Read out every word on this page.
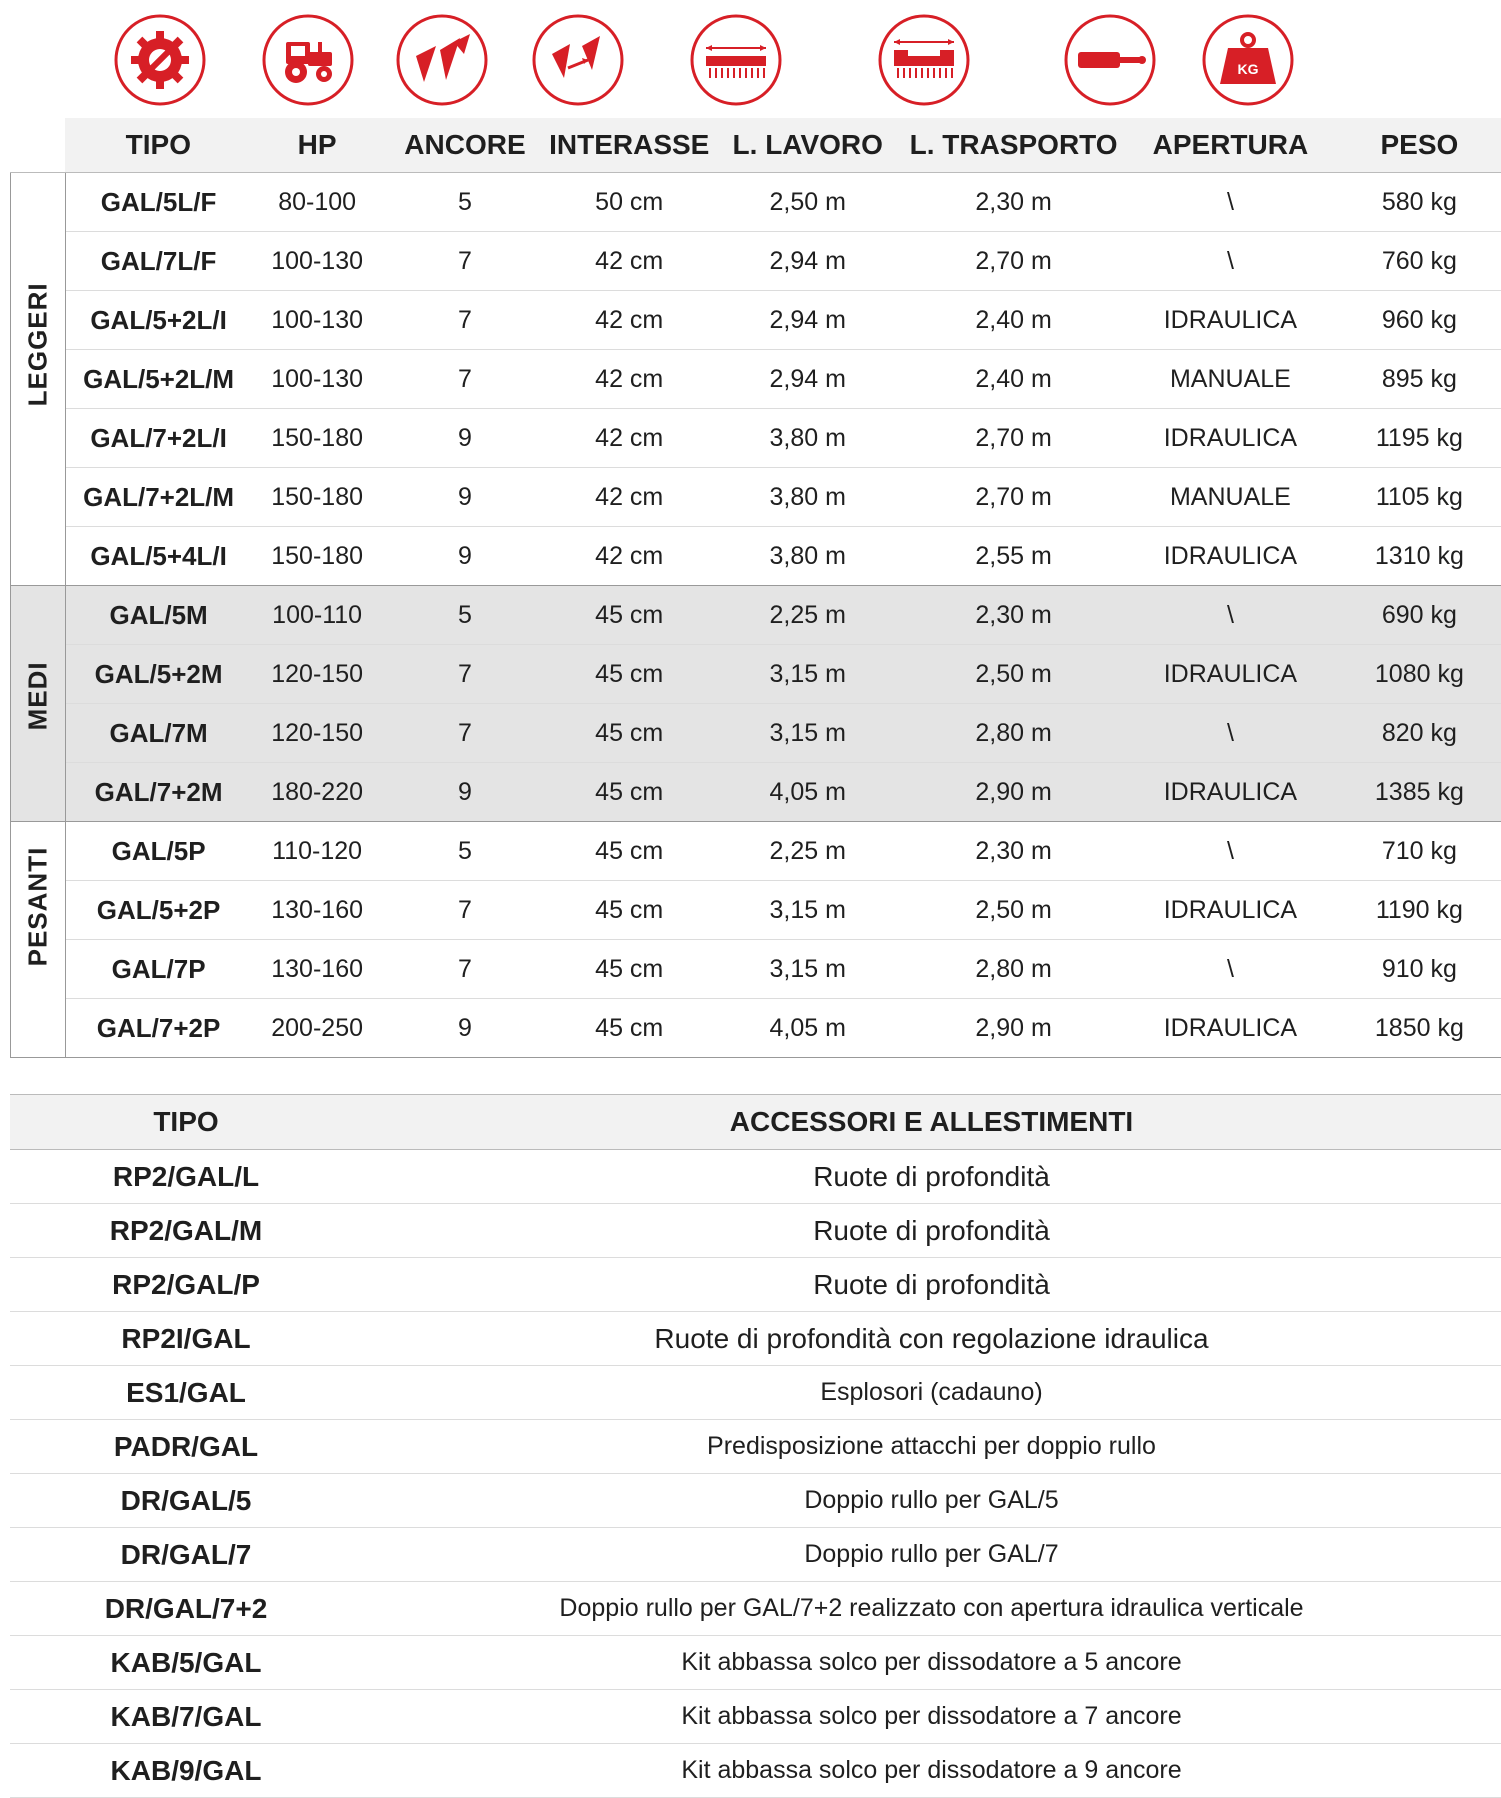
KG
	TIPO	HP	ANCORE	INTERASSE	L. LAVORO	L. TRASPORTO	APERTURA	PESO

LEGGERI	GAL/5L/F	80-100	5	50 cm	2,50 m	2,30 m	\	580 kg
	GAL/7L/F	100-130	7	42 cm	2,94 m	2,70 m	\	760 kg
	GAL/5+2L/I	100-130	7	42 cm	2,94 m	2,40 m	IDRAULICA	960 kg
	GAL/5+2L/M	100-130	7	42 cm	2,94 m	2,40 m	MANUALE	895 kg
	GAL/7+2L/I	150-180	9	42 cm	3,80 m	2,70 m	IDRAULICA	1195 kg
	GAL/7+2L/M	150-180	9	42 cm	3,80 m	2,70 m	MANUALE	1105 kg
	GAL/5+4L/I	150-180	9	42 cm	3,80 m	2,55 m	IDRAULICA	1310 kg

MEDI	GAL/5M	100-110	5	45 cm	2,25 m	2,30 m	\	690 kg
	GAL/5+2M	120-150	7	45 cm	3,15 m	2,50 m	IDRAULICA	1080 kg
	GAL/7M	120-150	7	45 cm	3,15 m	2,80 m	\	820 kg
	GAL/7+2M	180-220	9	45 cm	4,05 m	2,90 m	IDRAULICA	1385 kg

PESANTI	GAL/5P	110-120	5	45 cm	2,25 m	2,30 m	\	710 kg
	GAL/5+2P	130-160	7	45 cm	3,15 m	2,50 m	IDRAULICA	1190 kg
	GAL/7P	130-160	7	45 cm	3,15 m	2,80 m	\	910 kg
	GAL/7+2P	200-250	9	45 cm	4,05 m	2,90 m	IDRAULICA	1850 kg
TIPO	ACCESSORI E ALLESTIMENTI
RP2/GAL/L	Ruote di profondità
RP2/GAL/M	Ruote di profondità
RP2/GAL/P	Ruote di profondità
RP2I/GAL	Ruote di profondità con regolazione idraulica
ES1/GAL	Esplosori (cadauno)
PADR/GAL	Predisposizione attacchi per doppio rullo
DR/GAL/5	Doppio rullo per GAL/5
DR/GAL/7	Doppio rullo per GAL/7
DR/GAL/7+2	Doppio rullo per GAL/7+2 realizzato con apertura idraulica verticale
KAB/5/GAL	Kit abbassa solco per dissodatore a 5 ancore
KAB/7/GAL	Kit abbassa solco per dissodatore a 7 ancore
KAB/9/GAL	Kit abbassa solco per dissodatore a 9 ancore
